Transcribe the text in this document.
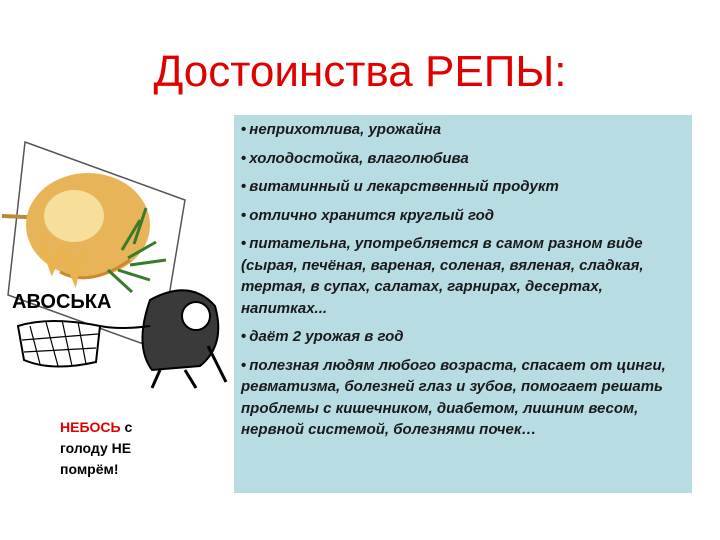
Достоинства РЕПЫ:
АВОСЬКА
НЕБОСЬ с голоду НЕ помрём!
• неприхотлива, урожайна
• холодостойка, влаголюбива
• витаминный и лекарственный продукт
• отлично хранится круглый год
• питательна, употребляется в самом разном виде (сырая, печёная, вареная, соленая, вяленая, сладкая, тертая, в супах, салатах, гарнирах, десертах, напитках...
• даёт 2 урожая в год
• полезная людям любого возраста, спасает от цинги, ревматизма, болезней глаз и зубов, помогает решать проблемы с кишечником, диабетом, лишним весом, нервной системой, болезнями почек…
